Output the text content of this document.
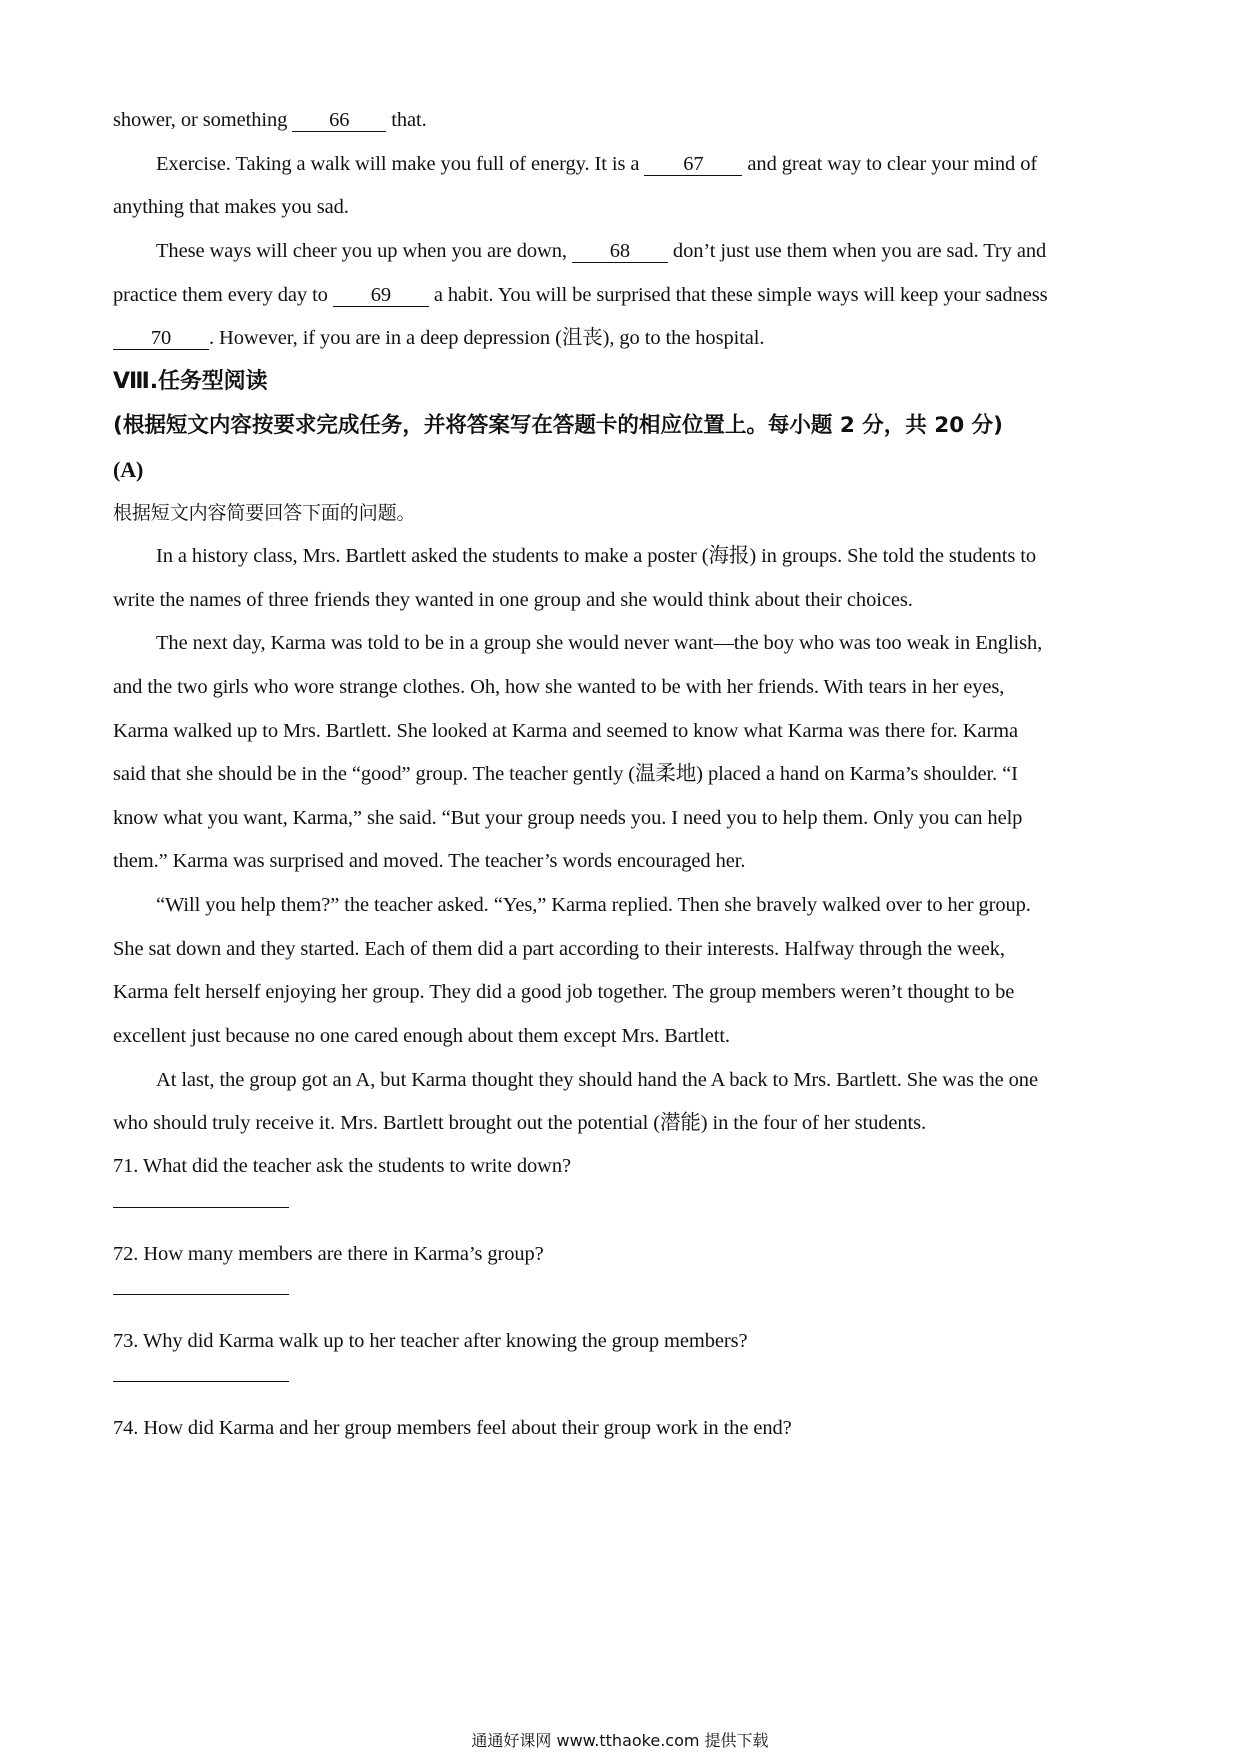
shower, or something 66 that.
Exercise. Taking a walk will make you full of energy. It is a 67 and great way to clear your mind of
anything that makes you sad.
These ways will cheer you up when you are down, 68 don’t just use them when you are sad. Try and
practice them every day to 69 a habit. You will be surprised that these simple ways will keep your sadness
70 . However, if you are in a deep depression (沮丧), go to the hospital.
Ⅷ.任务型阅读
(根据短文内容按要求完成任务，并将答案写在答题卡的相应位置上。每小题 2 分，共 20 分)
(A)
根据短文内容简要回答下面的问题。
In a history class, Mrs. Bartlett asked the students to make a poster (海报) in groups. She told the students to
write the names of three friends they wanted in one group and she would think about their choices.
The next day, Karma was told to be in a group she would never want—the boy who was too weak in English,
and the two girls who wore strange clothes. Oh, how she wanted to be with her friends. With tears in her eyes,
Karma walked up to Mrs. Bartlett. She looked at Karma and seemed to know what Karma was there for. Karma
said that she should be in the “good” group. The teacher gently (温柔地) placed a hand on Karma’s shoulder. “I
know what you want, Karma,” she said. “But your group needs you. I need you to help them. Only you can help
them.” Karma was surprised and moved. The teacher’s words encouraged her.
“Will you help them?” the teacher asked. “Yes,” Karma replied. Then she bravely walked over to her group.
She sat down and they started. Each of them did a part according to their interests. Halfway through the week,
Karma felt herself enjoying her group. They did a good job together. The group members weren’t thought to be
excellent just because no one cared enough about them except Mrs. Bartlett.
At last, the group got an A, but Karma thought they should hand the A back to Mrs. Bartlett. She was the one
who should truly receive it. Mrs. Bartlett brought out the potential (潜能) in the four of her students.
71. What did the teacher ask the students to write down?
72. How many members are there in Karma’s group?
73. Why did Karma walk up to her teacher after knowing the group members?
74. How did Karma and her group members feel about their group work in the end?
通通好课网 www.tthaoke.com 提供下载
